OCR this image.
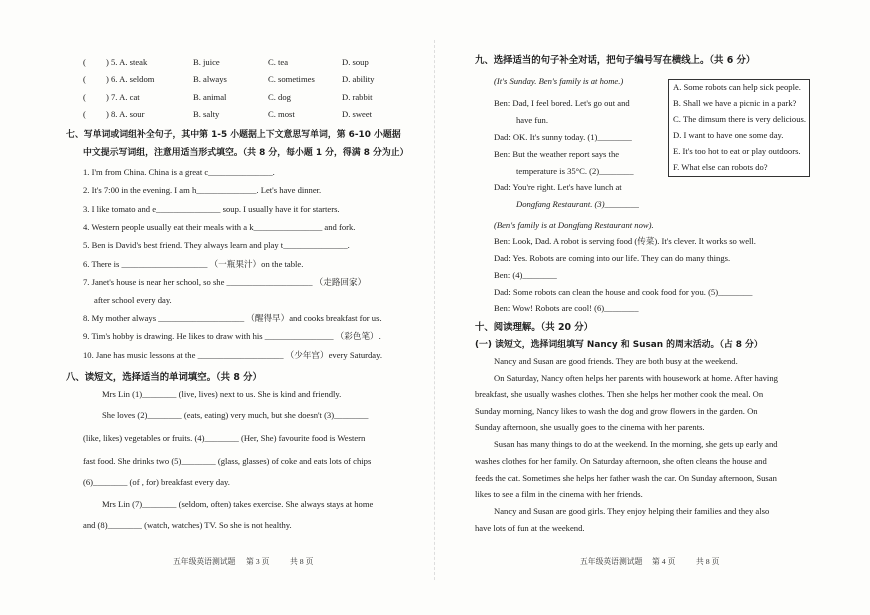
( ) 5. A. steak	B. juice	C. tea	D. soup
( ) 6. A. seldom	B. always	C. sometimes	D. ability
( ) 7. A. cat	B. animal	C. dog	D. rabbit
( ) 8. A. sour	B. salty	C. most	D. sweet
七、写单词或词组补全句子，其中第 1-5 小题据上下文意思写单词，第 6-10 小题据
中文提示写词组，注意用适当形式填空。（共 8 分，每小题 1 分，得满 8 分为止）
1. I'm from China. China is a great c_______________.
2. It's 7:00 in the evening. I am h______________. Let's have dinner.
3. I like tomato and e_______________ soup. I usually have it for starters.
4. Western people usually eat their meals with a k________________ and fork.
5. Ben is David's best friend. They always learn and play t_______________.
6. There is ____________________ （一瓶果汁）on the table.
7. Janet's house is near her school, so she ____________________ （走路回家）
after school every day.
8. My mother always ____________________ （醒得早）and cooks breakfast for us.
9. Tim's hobby is drawing. He likes to draw with his ________________ （彩色笔）.
10. Jane has music lessons at the ____________________ （少年宫）every Saturday.
八、读短文，选择适当的单词填空。（共 8 分）
Mrs Lin (1)________ (live, lives) next to us. She is kind and friendly.
She loves (2)________ (eats, eating) very much, but she doesn't (3)________
(like, likes) vegetables or fruits. (4)________ (Her, She) favourite food is Western
fast food. She drinks two (5)________ (glass, glasses) of coke and eats lots of chips
(6)________ (of , for) breakfast every day.
Mrs Lin (7)________ (seldom, often) takes exercise. She always stays at home
and (8)________ (watch, watches) TV. So she is not healthy.
五年级英语测试题 第 3 页	共 8 页
九、选择适当的句子补全对话，把句子编号写在横线上。（共 6 分）
(It's Sunday. Ben's family is at home.)
A. Some robots can help sick people.
B. Shall we have a picnic in a park?
C. The dimsum there is very delicious.
D. I want to have one some day.
E. It's too hot to eat or play outdoors.
F. What else can robots do?
Ben: Dad, I feel bored. Let's go out and
have fun.
Dad: OK. It's sunny today. (1)________
Ben: But the weather report says the
temperature is 35°C. (2)________
Dad: You're right. Let's have lunch at
Dongfang Restaurant. (3)________
(Ben's family is at Dongfang Restaurant now).
Ben: Look, Dad. A robot is serving food (传菜). It's clever. It works so well.
Dad: Yes. Robots are coming into our life. They can do many things.
Ben: (4)________
Dad: Some robots can clean the house and cook food for you. (5)________
Ben: Wow! Robots are cool! (6)________
十、阅读理解。（共 20 分）
(一) 读短文，选择词组填写 Nancy 和 Susan 的周末活动。（占 8 分）
Nancy and Susan are good friends. They are both busy at the weekend.
On Saturday, Nancy often helps her parents with housework at home. After having
breakfast, she usually washes clothes. Then she helps her mother cook the meal. On
Sunday morning, Nancy likes to wash the dog and grow flowers in the garden. On
Sunday afternoon, she usually goes to the cinema with her parents.
Susan has many things to do at the weekend. In the morning, she gets up early and
washes clothes for her family. On Saturday afternoon, she often cleans the house and
feeds the cat. Sometimes she helps her father wash the car. On Sunday afternoon, Susan
likes to see a film in the cinema with her friends.
Nancy and Susan are good girls. They enjoy helping their families and they also
have lots of fun at the weekend.
五年级英语测试题 第 4 页	共 8 页
